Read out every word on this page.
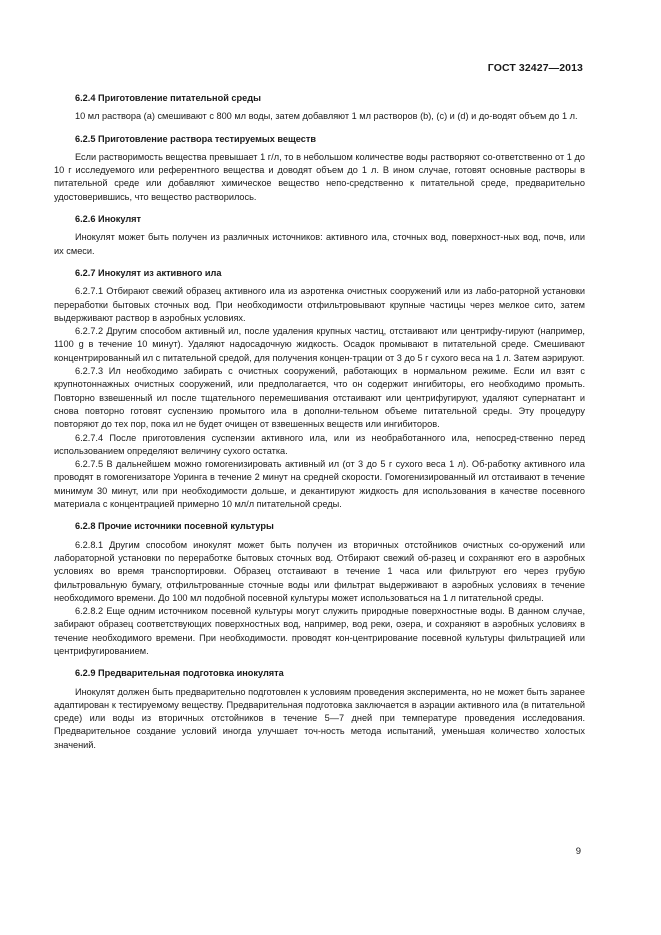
ГОСТ 32427—2013
6.2.4 Приготовление питательной среды

10 мл раствора (a) смешивают с 800 мл воды, затем добавляют 1 мл растворов (b), (c) и (d) и до-водят объем до 1 л.

6.2.5 Приготовление раствора тестируемых веществ

Если растворимость вещества превышает 1 г/л, то в небольшом количестве воды растворяют со-ответственно от 1 до 10 г исследуемого или референтного вещества и доводят объем до 1 л. В ином случае, готовят основные растворы в питательной среде или добавляют химическое вещество непо-средственно к питательной среде, предварительно удостоверившись, что вещество растворилось.

6.2.6 Инокулят

Инокулят может быть получен из различных источников: активного ила, сточных вод, поверхност-ных вод, почв, или их смеси.

6.2.7 Инокулят из активного ила

6.2.7.1 Отбирают свежий образец активного ила из аэротенка очистных сооружений или из лабо-раторной установки переработки бытовых сточных вод. При необходимости отфильтровывают крупные частицы через мелкое сито, затем выдерживают раствор в аэробных условиях.

6.2.7.2 Другим способом активный ил, после удаления крупных частиц, отстаивают или центрифу-гируют (например, 1100 g в течение 10 минут). Удаляют надосадочную жидкость. Осадок промывают в питательной среде. Смешивают концентрированный ил с питательной средой, для получения концен-трации от 3 до 5 г сухого веса на 1 л. Затем аэрируют.

6.2.7.3 Ил необходимо забирать с очистных сооружений, работающих в нормальном режиме. Если ил взят с крупнотоннажных очистных сооружений, или предполагается, что он содержит ингибиторы, его необходимо промыть. Повторно взвешенный ил после тщательного перемешивания отстаивают или центрифугируют, удаляют супернатант и снова повторно готовят суспензию промытого ила в дополни-тельном объеме питательной среды. Эту процедуру повторяют до тех пор, пока ил не будет очищен от взвешенных веществ или ингибиторов.

6.2.7.4 После приготовления суспензии активного ила, или из необработанного ила, непосред-ственно перед использованием определяют величину сухого остатка.

6.2.7.5 В дальнейшем можно гомогенизировать активный ил (от 3 до 5 г сухого веса 1 л). Об-работку активного ила проводят в гомогенизаторе Уоринга в течение 2 минут на средней скорости. Гомогенизированный ил отстаивают в течение минимум 30 минут, или при необходимости дольше, и декантируют жидкость для использования в качестве посевного материала с концентрацией примерно 10 мл/л питательной среды.

6.2.8 Прочие источники посевной культуры

6.2.8.1 Другим способом инокулят может быть получен из вторичных отстойников очистных со-оружений или лабораторной установки по переработке бытовых сточных вод. Отбирают свежий об-разец и сохраняют его в аэробных условиях во время транспортировки. Образец отстаивают в течение 1 часа или фильтруют его через грубую фильтровальную бумагу, отфильтрованные сточные воды или фильтрат выдерживают в аэробных условиях в течение необходимого времени. До 100 мл подобной посевной культуры может использоваться на 1 л питательной среды.

6.2.8.2 Еще одним источником посевной культуры могут служить природные поверхностные воды. В данном случае, забирают образец соответствующих поверхностных вод, например, вод реки, озера, и сохраняют в аэробных условиях в течение необходимого времени. При необходимости. проводят кон-центрирование посевной культуры фильтрацией или центрифугированием.

6.2.9 Предварительная подготовка инокулята

Инокулят должен быть предварительно подготовлен к условиям проведения эксперимента, но не может быть заранее адаптирован к тестируемому веществу. Предварительная подготовка заключается в аэрации активного ила (в питательной среде) или воды из вторичных отстойников в течение 5—7 дней при температуре проведения исследования. Предварительное создание условий иногда улучшает точ-ность метода испытаний, уменьшая количество холостых значений.

9
